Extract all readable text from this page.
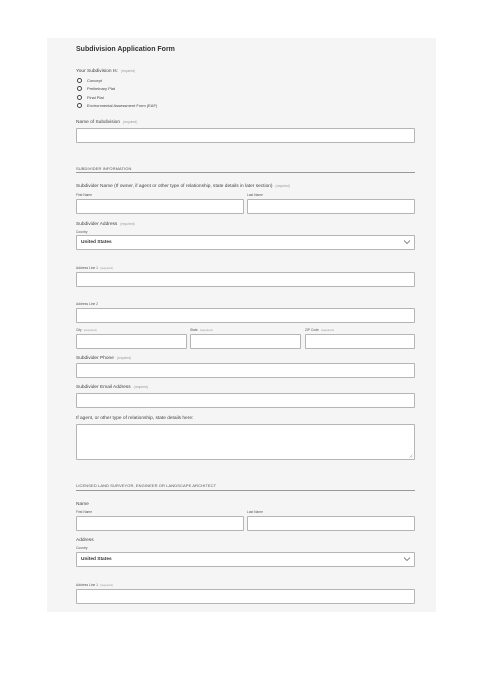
Subdivision Application Form
Your Subdivision Is: (required)
Concept
Preliminary Plat
Final Plat
Environmental Assessment Form (EAF)
Name of Subdivision (required)
SUBDIVIDER INFORMATION
Subdivider Name (If owner, if agent or other type of relationship, state details in later section) (required)
First Name	Last Name
Subdivider Address (required)
Country
United States
Address Line 1 (required)
Address Line 2
City (required)	State (required)	ZIP Code (required)
Subdivider Phone (required)
Subdivider Email Address (required)
If agent, or other type of relationship, state details here:
LICENSED LAND SURVEYOR, ENGINEER OR LANDSCAPE ARCHITECT
Name
First Name	Last Name
Address
Country
United States
Address Line 1 (required)
